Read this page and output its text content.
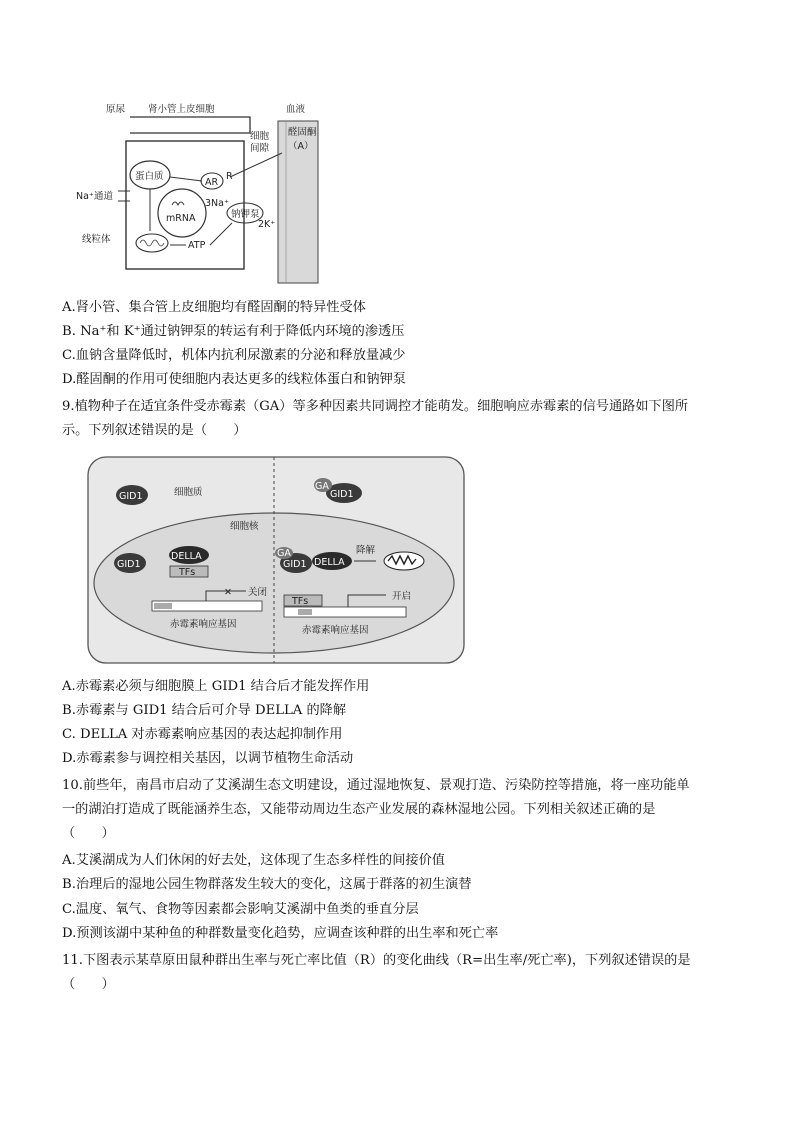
原尿 肾小管上皮细胞	血液
醛固酮
（A）
细胞
间隙
蛋白质
AR
R
mRNA
3Na⁺
钠钾泵
2K⁺
Na⁺通道
线粒体
ATP
A.肾小管、集合管上皮细胞均有醛固酮的特异性受体
B. Na⁺和 K⁺通过钠钾泵的转运有利于降低内环境的渗透压
C.血钠含量降低时，机体内抗利尿激素的分泌和释放量减少
D.醛固酮的作用可使细胞内表达更多的线粒体蛋白和钠钾泵
9.植物种子在适宜条件受赤霉素（GA）等多种因素共同调控才能萌发。细胞响应赤霉素的信号通路如下图所
示。下列叙述错误的是（　　）
GID1	细胞质
细胞核
GID1
DELLA
TFs
✕ 关闭
赤霉素响应基因
GID1
GA
GID1
GA
DELLA
降解
TFs	开启
赤霉素响应基因
A.赤霉素必须与细胞膜上 GID1 结合后才能发挥作用
B.赤霉素与 GID1 结合后可介导 DELLA 的降解
C. DELLA 对赤霉素响应基因的表达起抑制作用
D.赤霉素参与调控相关基因，以调节植物生命活动
10.前些年，南昌市启动了艾溪湖生态文明建设，通过湿地恢复、景观打造、污染防控等措施，将一座功能单
一的湖泊打造成了既能涵养生态，又能带动周边生态产业发展的森林湿地公园。下列相关叙述正确的是
（　　）
A.艾溪湖成为人们休闲的好去处，这体现了生态多样性的间接价值
B.治理后的湿地公园生物群落发生较大的变化，这属于群落的初生演替
C.温度、氧气、食物等因素都会影响艾溪湖中鱼类的垂直分层
D.预测该湖中某种鱼的种群数量变化趋势，应调查该种群的出生率和死亡率
11.下图表示某草原田鼠种群出生率与死亡率比值（R）的变化曲线（R=出生率/死亡率)，下列叙述错误的是
（　　）
